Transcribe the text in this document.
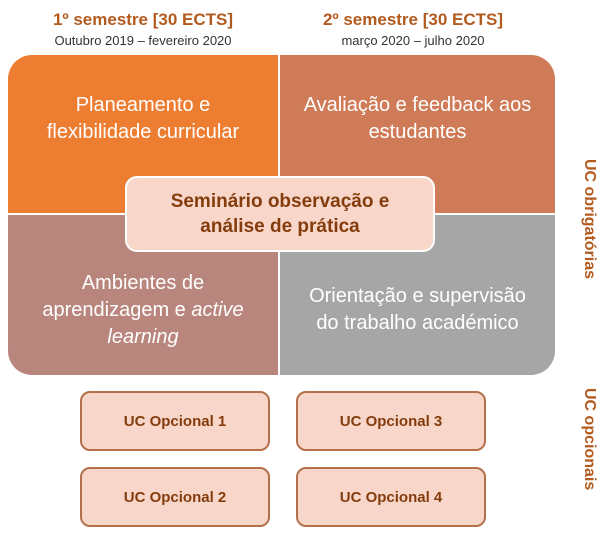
1º semestre [30 ECTS]
Outubro 2019 – fevereiro 2020
2º semestre [30 ECTS]
março 2020 – julho 2020
Planeamento e
flexibilidade curricular
Avaliação e feedback aos
estudantes
Ambientes de
aprendizagem e active
learning
Orientação e supervisão
do trabalho académico
Seminário observação e
análise de prática
UC Opcional 1
UC Opcional 2
UC Opcional 3
UC Opcional 4
UC obrigatórias
UC opcionais
